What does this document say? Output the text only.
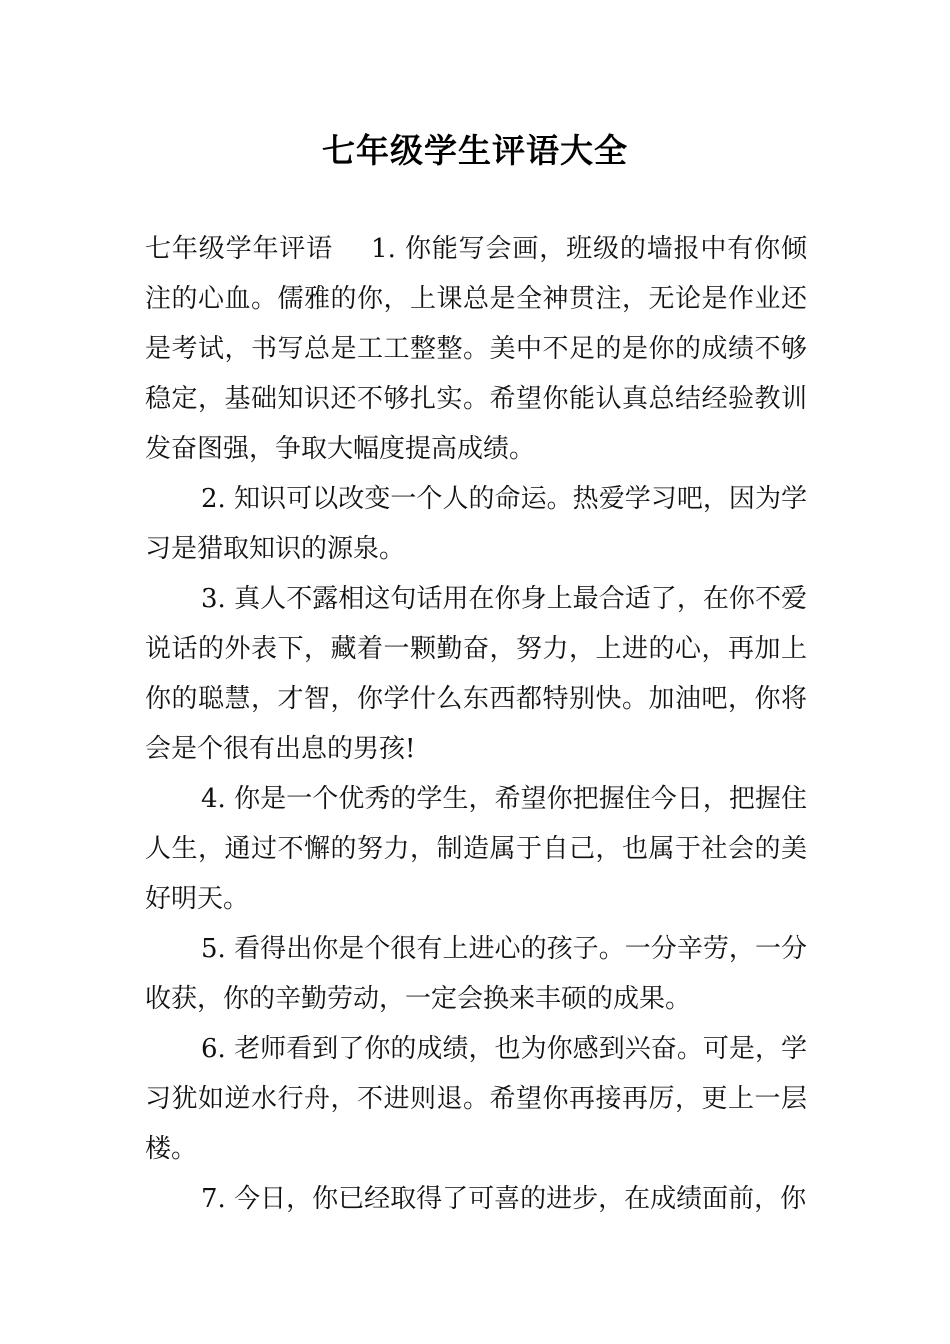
七年级学生评语大全

七年级学年评语 1. 你能写会画，班级的墙报中有你倾注的心血。儒雅的你，上课总是全神贯注，无论是作业还是考试，书写总是工工整整。美中不足的是你的成绩不够稳定，基础知识还不够扎实。希望你能认真总结经验教训发奋图强，争取大幅度提高成绩。

2. 知识可以改变一个人的命运。热爱学习吧，因为学习是猎取知识的源泉。

3. 真人不露相这句话用在你身上最合适了，在你不爱说话的外表下，藏着一颗勤奋，努力，上进的心，再加上你的聪慧，才智，你学什么东西都特别快。加油吧，你将会是个很有出息的男孩!

4. 你是一个优秀的学生，希望你把握住今日，把握住人生，通过不懈的努力，制造属于自己，也属于社会的美好明天。

5. 看得出你是个很有上进心的孩子。一分辛劳，一分收获，你的辛勤劳动，一定会换来丰硕的成果。

6. 老师看到了你的成绩，也为你感到兴奋。可是，学习犹如逆水行舟，不进则退。希望你再接再厉，更上一层楼。

7. 今日，你已经取得了可喜的进步，在成绩面前，你
